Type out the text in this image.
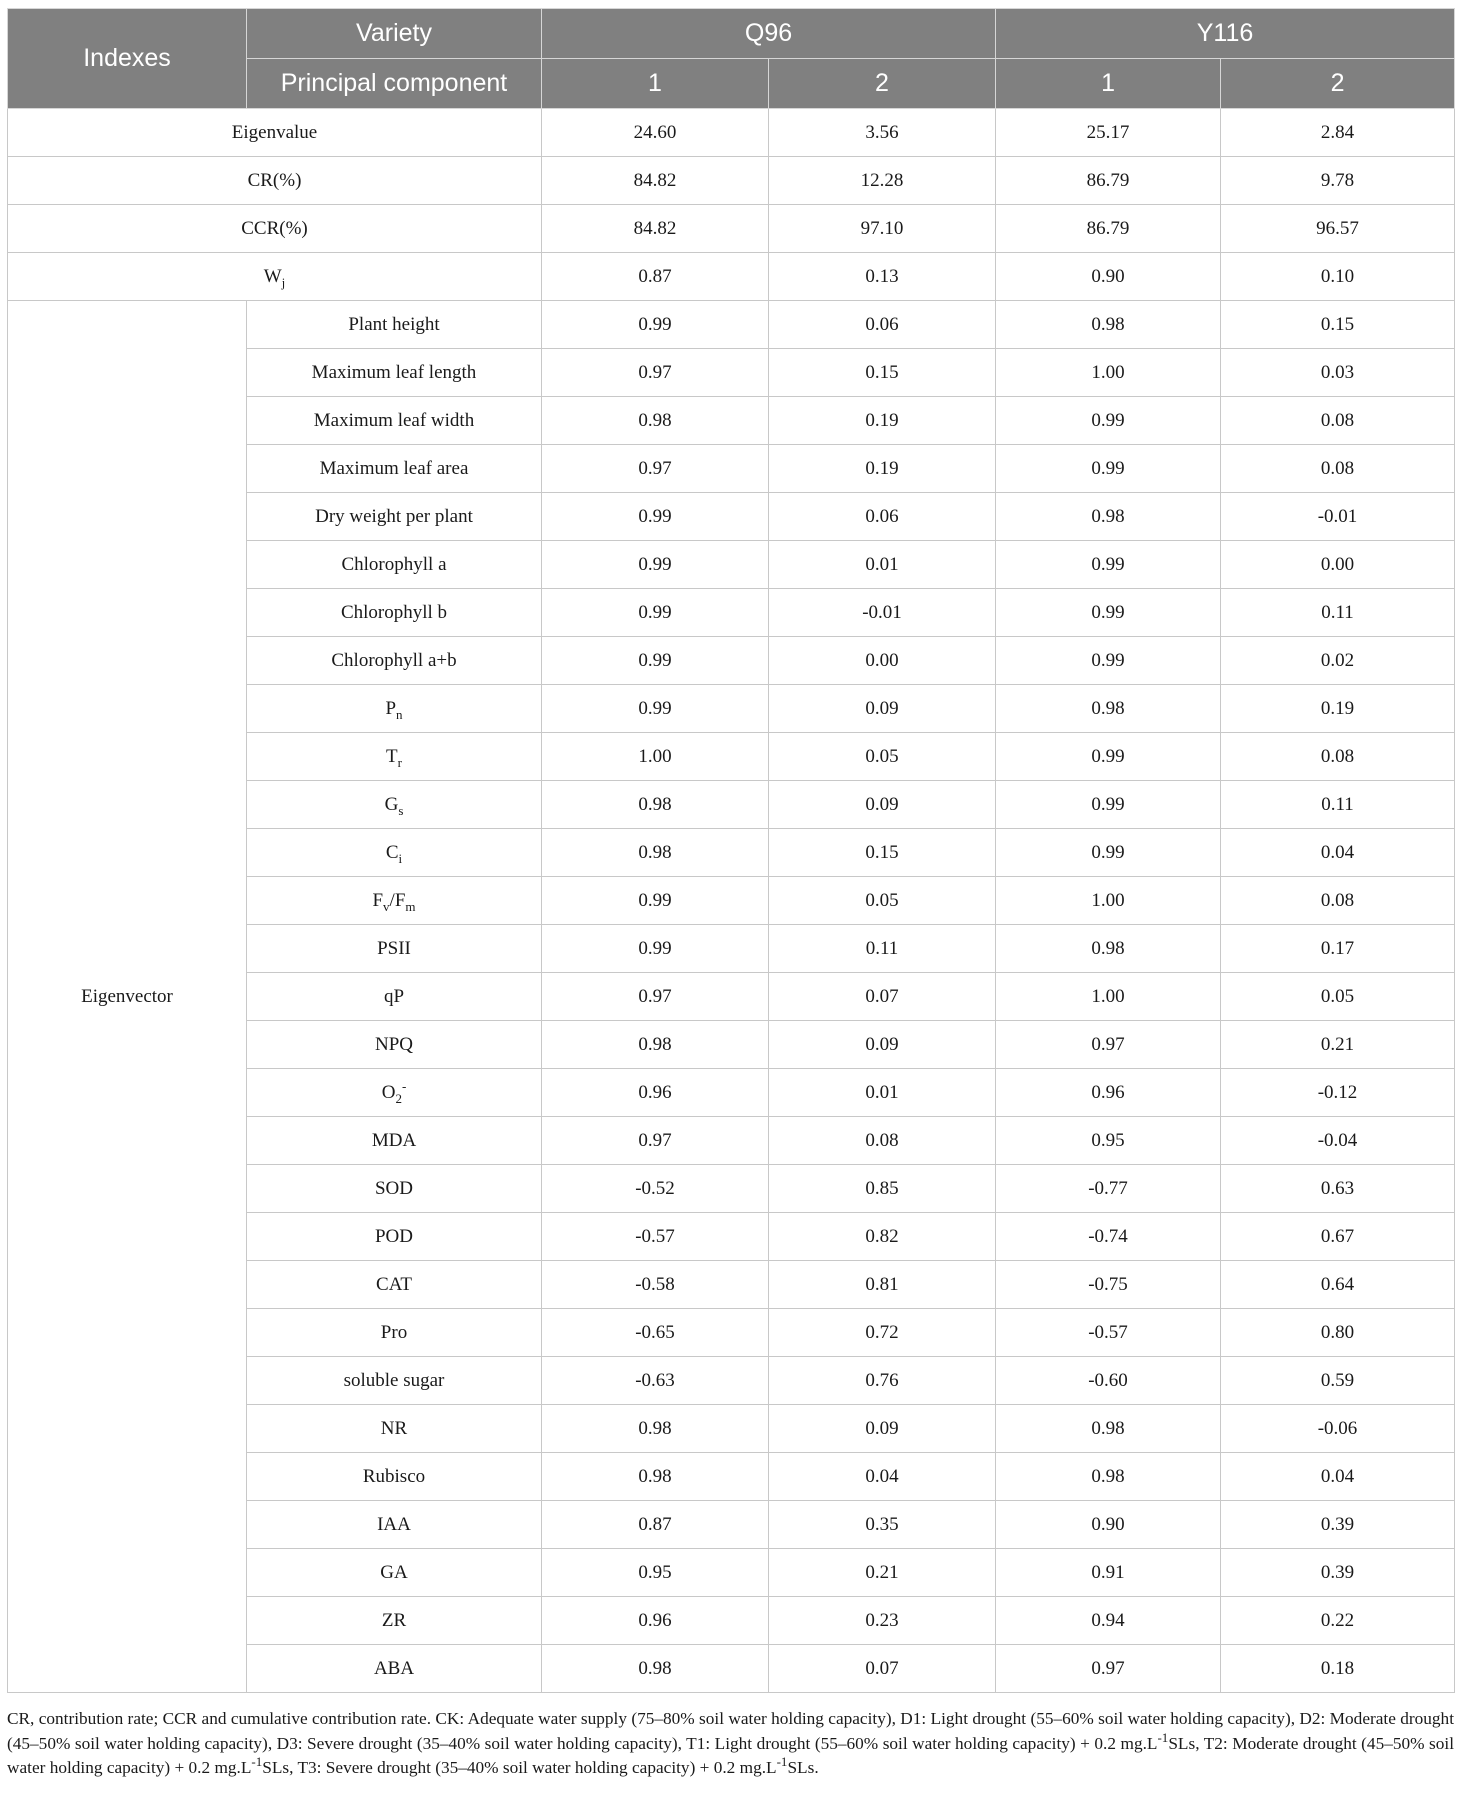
Indexes	Variety	Q96		Y116	
	Principal component	1	2	1	2
Eigenvalue		24.60	3.56	25.17	2.84
CR(%)		84.82	12.28	86.79	9.78
CCR(%)		84.82	97.10	86.79	96.57
$W_j$		0.87	0.13	0.90	0.10
Eigenvector	Plant height	0.99	0.06	0.98	0.15
	Maximum leaf length	0.97	0.15	1.00	0.03
	Maximum leaf width	0.98	0.19	0.99	0.08
	Maximum leaf area	0.97	0.19	0.99	0.08
	Dry weight per plant	0.99	0.06	0.98	-0.01
	Chlorophyll a	0.99	0.01	0.99	0.00
	Chlorophyll b	0.99	-0.01	0.99	0.11
	Chlorophyll a+b	0.99	0.00	0.99	0.02
	$P_n$	0.99	0.09	0.98	0.19
	$T_r$	1.00	0.05	0.99	0.08
	$G_s$	0.98	0.09	0.99	0.11
	$C_i$	0.98	0.15	0.99	0.04
	$F_v/F_m$	0.99	0.05	1.00	0.08
	PSII	0.99	0.11	0.98	0.17
	qP	0.97	0.07	1.00	0.05
	NPQ	0.98	0.09	0.97	0.21
	$O_2^-$	0.96	0.01	0.96	-0.12
	MDA	0.97	0.08	0.95	-0.04
	SOD	-0.52	0.85	-0.77	0.63
	POD	-0.57	0.82	-0.74	0.67
	CAT	-0.58	0.81	-0.75	0.64
	Pro	-0.65	0.72	-0.57	0.80
	soluble sugar	-0.63	0.76	-0.60	0.59
	NR	0.98	0.09	0.98	-0.06
	Rubisco	0.98	0.04	0.98	0.04
	IAA	0.87	0.35	0.90	0.39
	GA	0.95	0.21	0.91	0.39
	ZR	0.96	0.23	0.94	0.22
	ABA	0.98	0.07	0.97	0.18

CR, contribution rate; CCR and cumulative contribution rate. CK: Adequate water supply (75–80% soil water holding capacity), D1: Light drought (55–60% soil water holding capacity), D2: Moderate drought (45–50% soil water holding capacity), D3: Severe drought (35–40% soil water holding capacity), T1: Light drought (55–60% soil water holding capacity) + 0.2 $mg.L^{-1}SLs$, T2: Moderate drought (45–50% soil water holding capacity) + 0.2 $mg.L^{-1}SLs$, T3: Severe drought (35–40% soil water holding capacity) + 0.2 $mg.L^{-1}SLs$.
